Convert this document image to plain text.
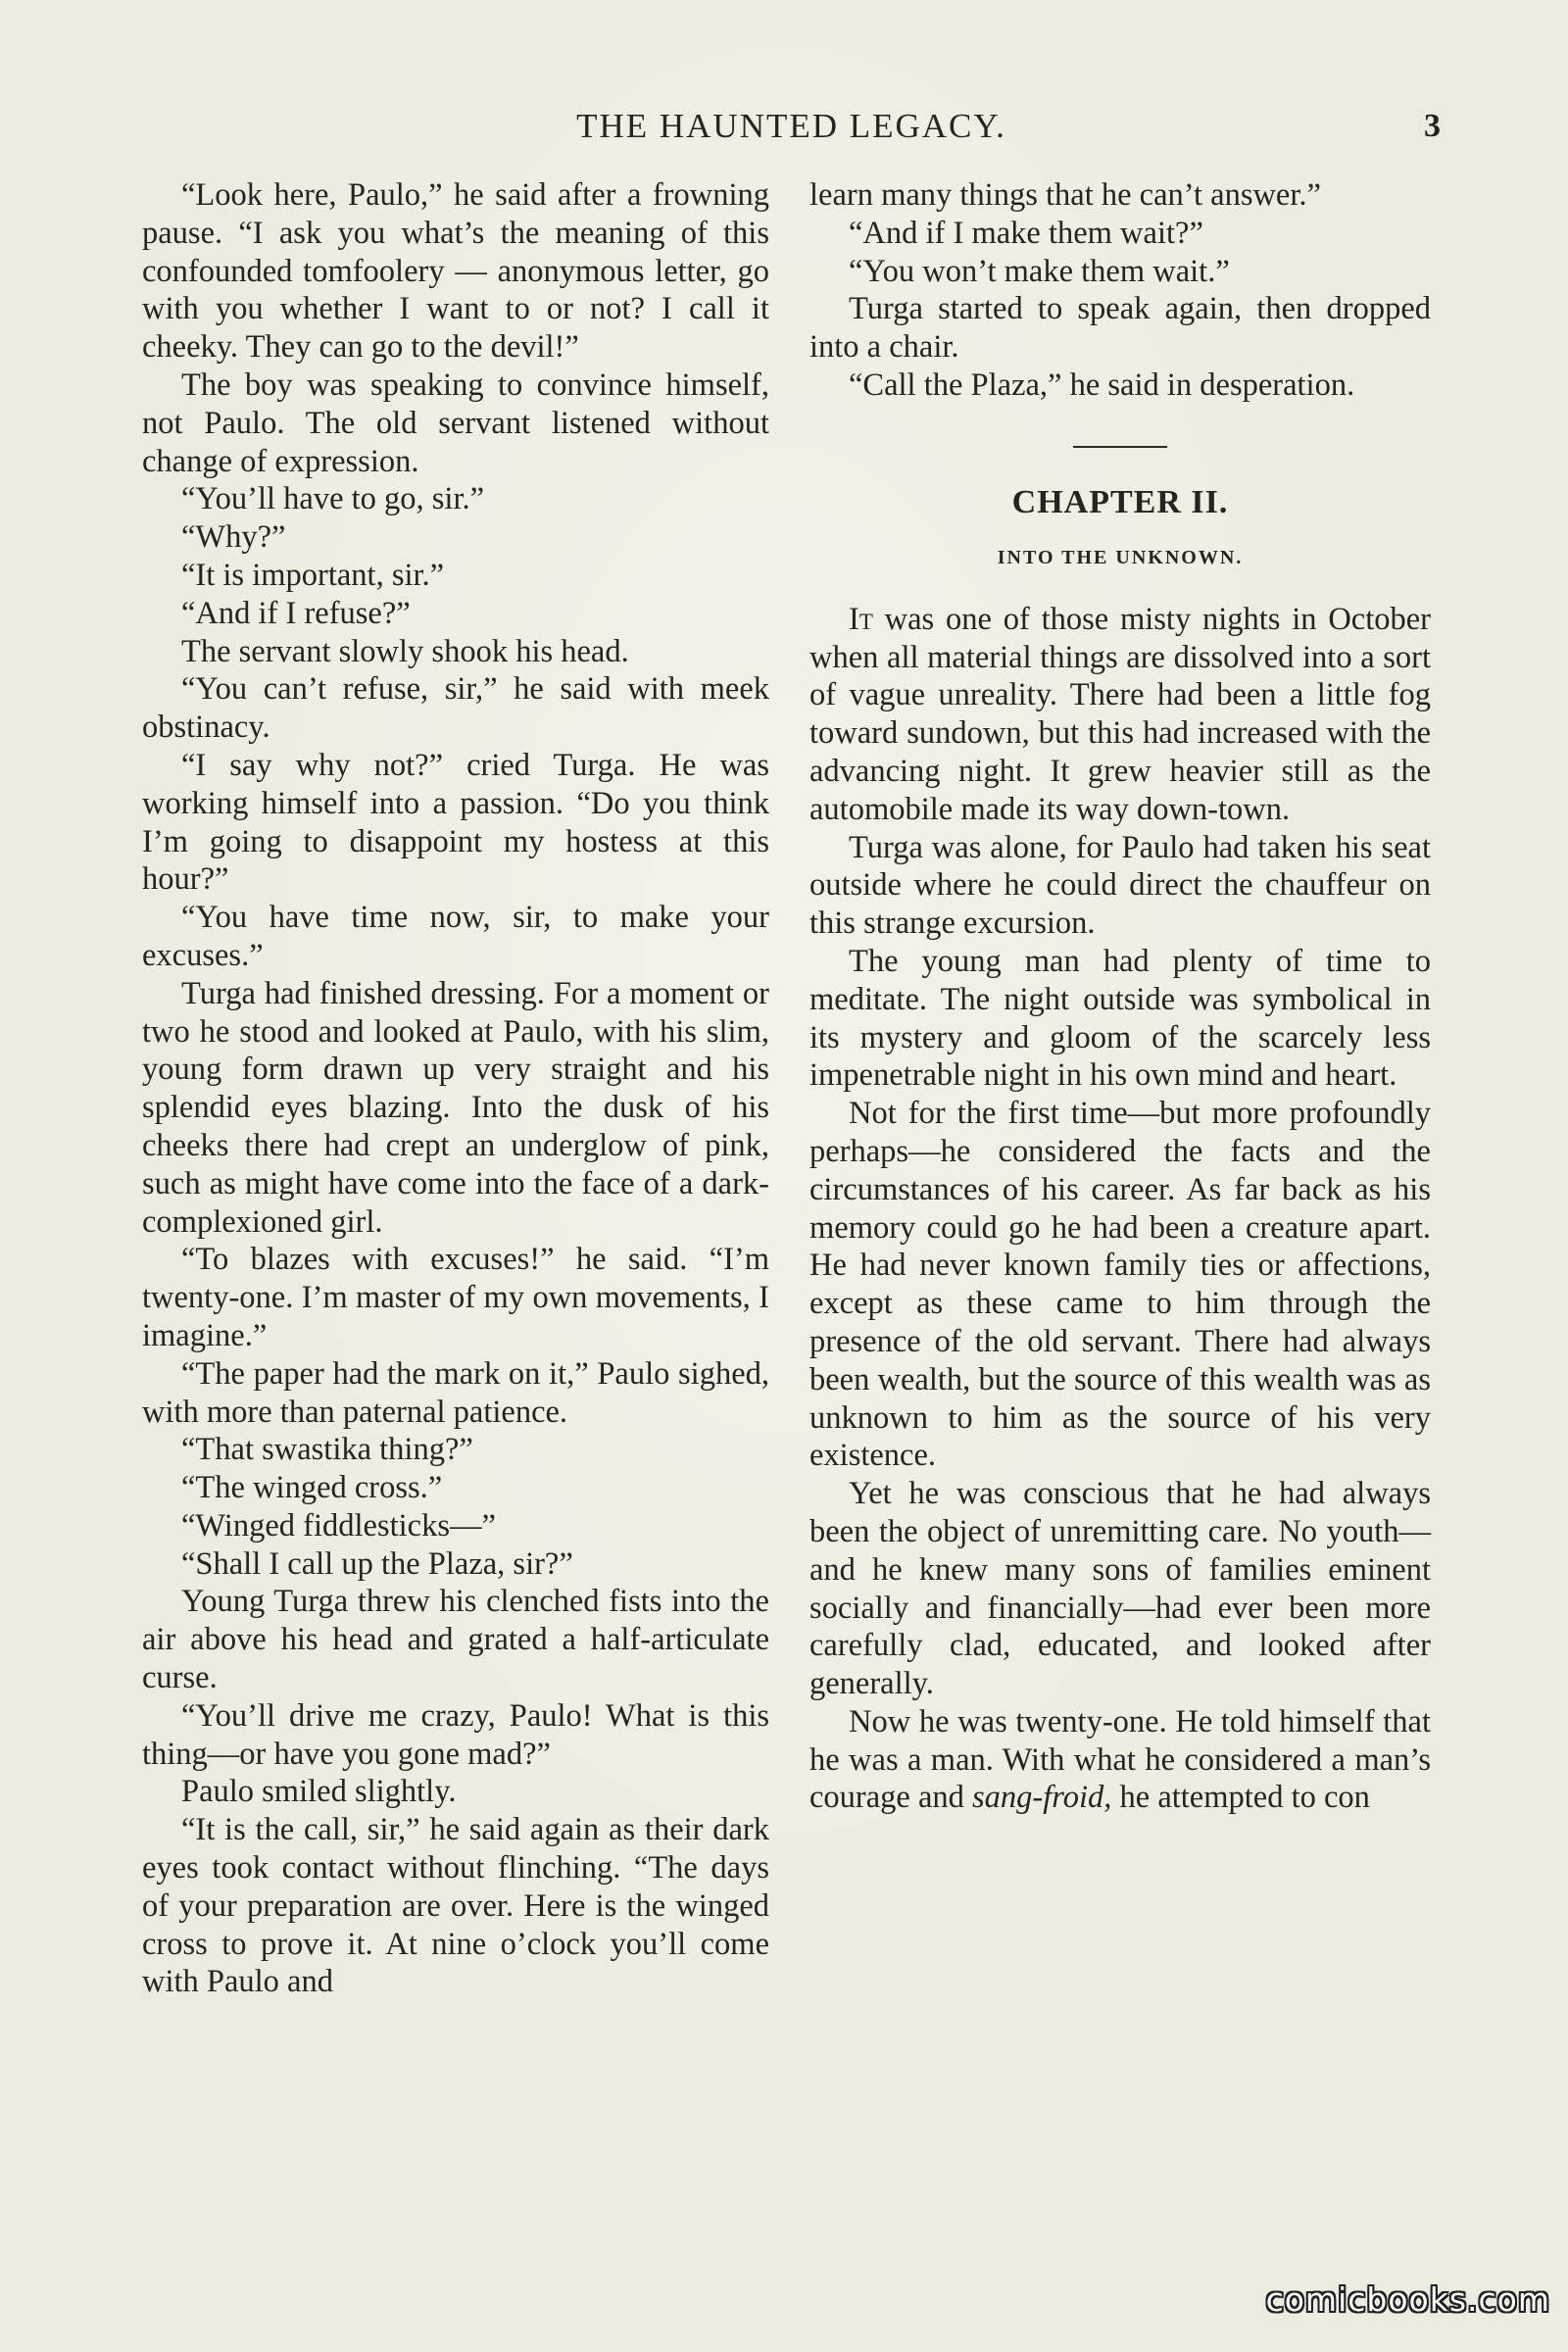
THE HAUNTED LEGACY.	3

“Look here, Paulo,” he said after a frowning pause. “I ask you what’s the meaning of this confounded tomfoolery — anonymous letter, go with you whether I want to or not? I call it cheeky. They can go to the devil!”

The boy was speaking to convince himself, not Paulo. The old servant listened without change of expression.

“You’ll have to go, sir.”

“Why?”

“It is important, sir.”

“And if I refuse?”

The servant slowly shook his head.

“You can’t refuse, sir,” he said with meek obstinacy.

“I say why not?” cried Turga. He was working himself into a passion. “Do you think I’m going to disappoint my hostess at this hour?”

“You have time now, sir, to make your excuses.”

Turga had finished dressing. For a moment or two he stood and looked at Paulo, with his slim, young form drawn up very straight and his splendid eyes blazing. Into the dusk of his cheeks there had crept an underglow of pink, such as might have come into the face of a dark-complexioned girl.

“To blazes with excuses!” he said. “I’m twenty-one. I’m master of my own movements, I imagine.”

“The paper had the mark on it,” Paulo sighed, with more than paternal patience.

“That swastika thing?”

“The winged cross.”

“Winged fiddlesticks—”

“Shall I call up the Plaza, sir?”

Young Turga threw his clenched fists into the air above his head and grated a half-articulate curse.

“You’ll drive me crazy, Paulo! What is this thing—or have you gone mad?”

Paulo smiled slightly.

“It is the call, sir,” he said again as their dark eyes took contact without flinching. “The days of your preparation are over. Here is the winged cross to prove it. At nine o’clock you’ll come with Paulo and

learn many things that he can’t answer.”

“And if I make them wait?”

“You won’t make them wait.”

Turga started to speak again, then dropped into a chair.

“Call the Plaza,” he said in desperation.

CHAPTER II.
INTO THE UNKNOWN.

It was one of those misty nights in October when all material things are dissolved into a sort of vague unreality. There had been a little fog toward sundown, but this had increased with the advancing night. It grew heavier still as the automobile made its way down-town.

Turga was alone, for Paulo had taken his seat outside where he could direct the chauffeur on this strange excursion.

The young man had plenty of time to meditate. The night outside was symbolical in its mystery and gloom of the scarcely less impenetrable night in his own mind and heart.

Not for the first time—but more profoundly perhaps—he considered the facts and the circumstances of his career. As far back as his memory could go he had been a creature apart. He had never known family ties or affections, except as these came to him through the presence of the old servant. There had always been wealth, but the source of this wealth was as unknown to him as the source of his very existence.

Yet he was conscious that he had always been the object of unremitting care. No youth—and he knew many sons of families eminent socially and financially—had ever been more carefully clad, educated, and looked after generally.

Now he was twenty-one. He told himself that he was a man. With what he considered a man’s courage and sang-froid, he attempted to con

comicbooks.com
